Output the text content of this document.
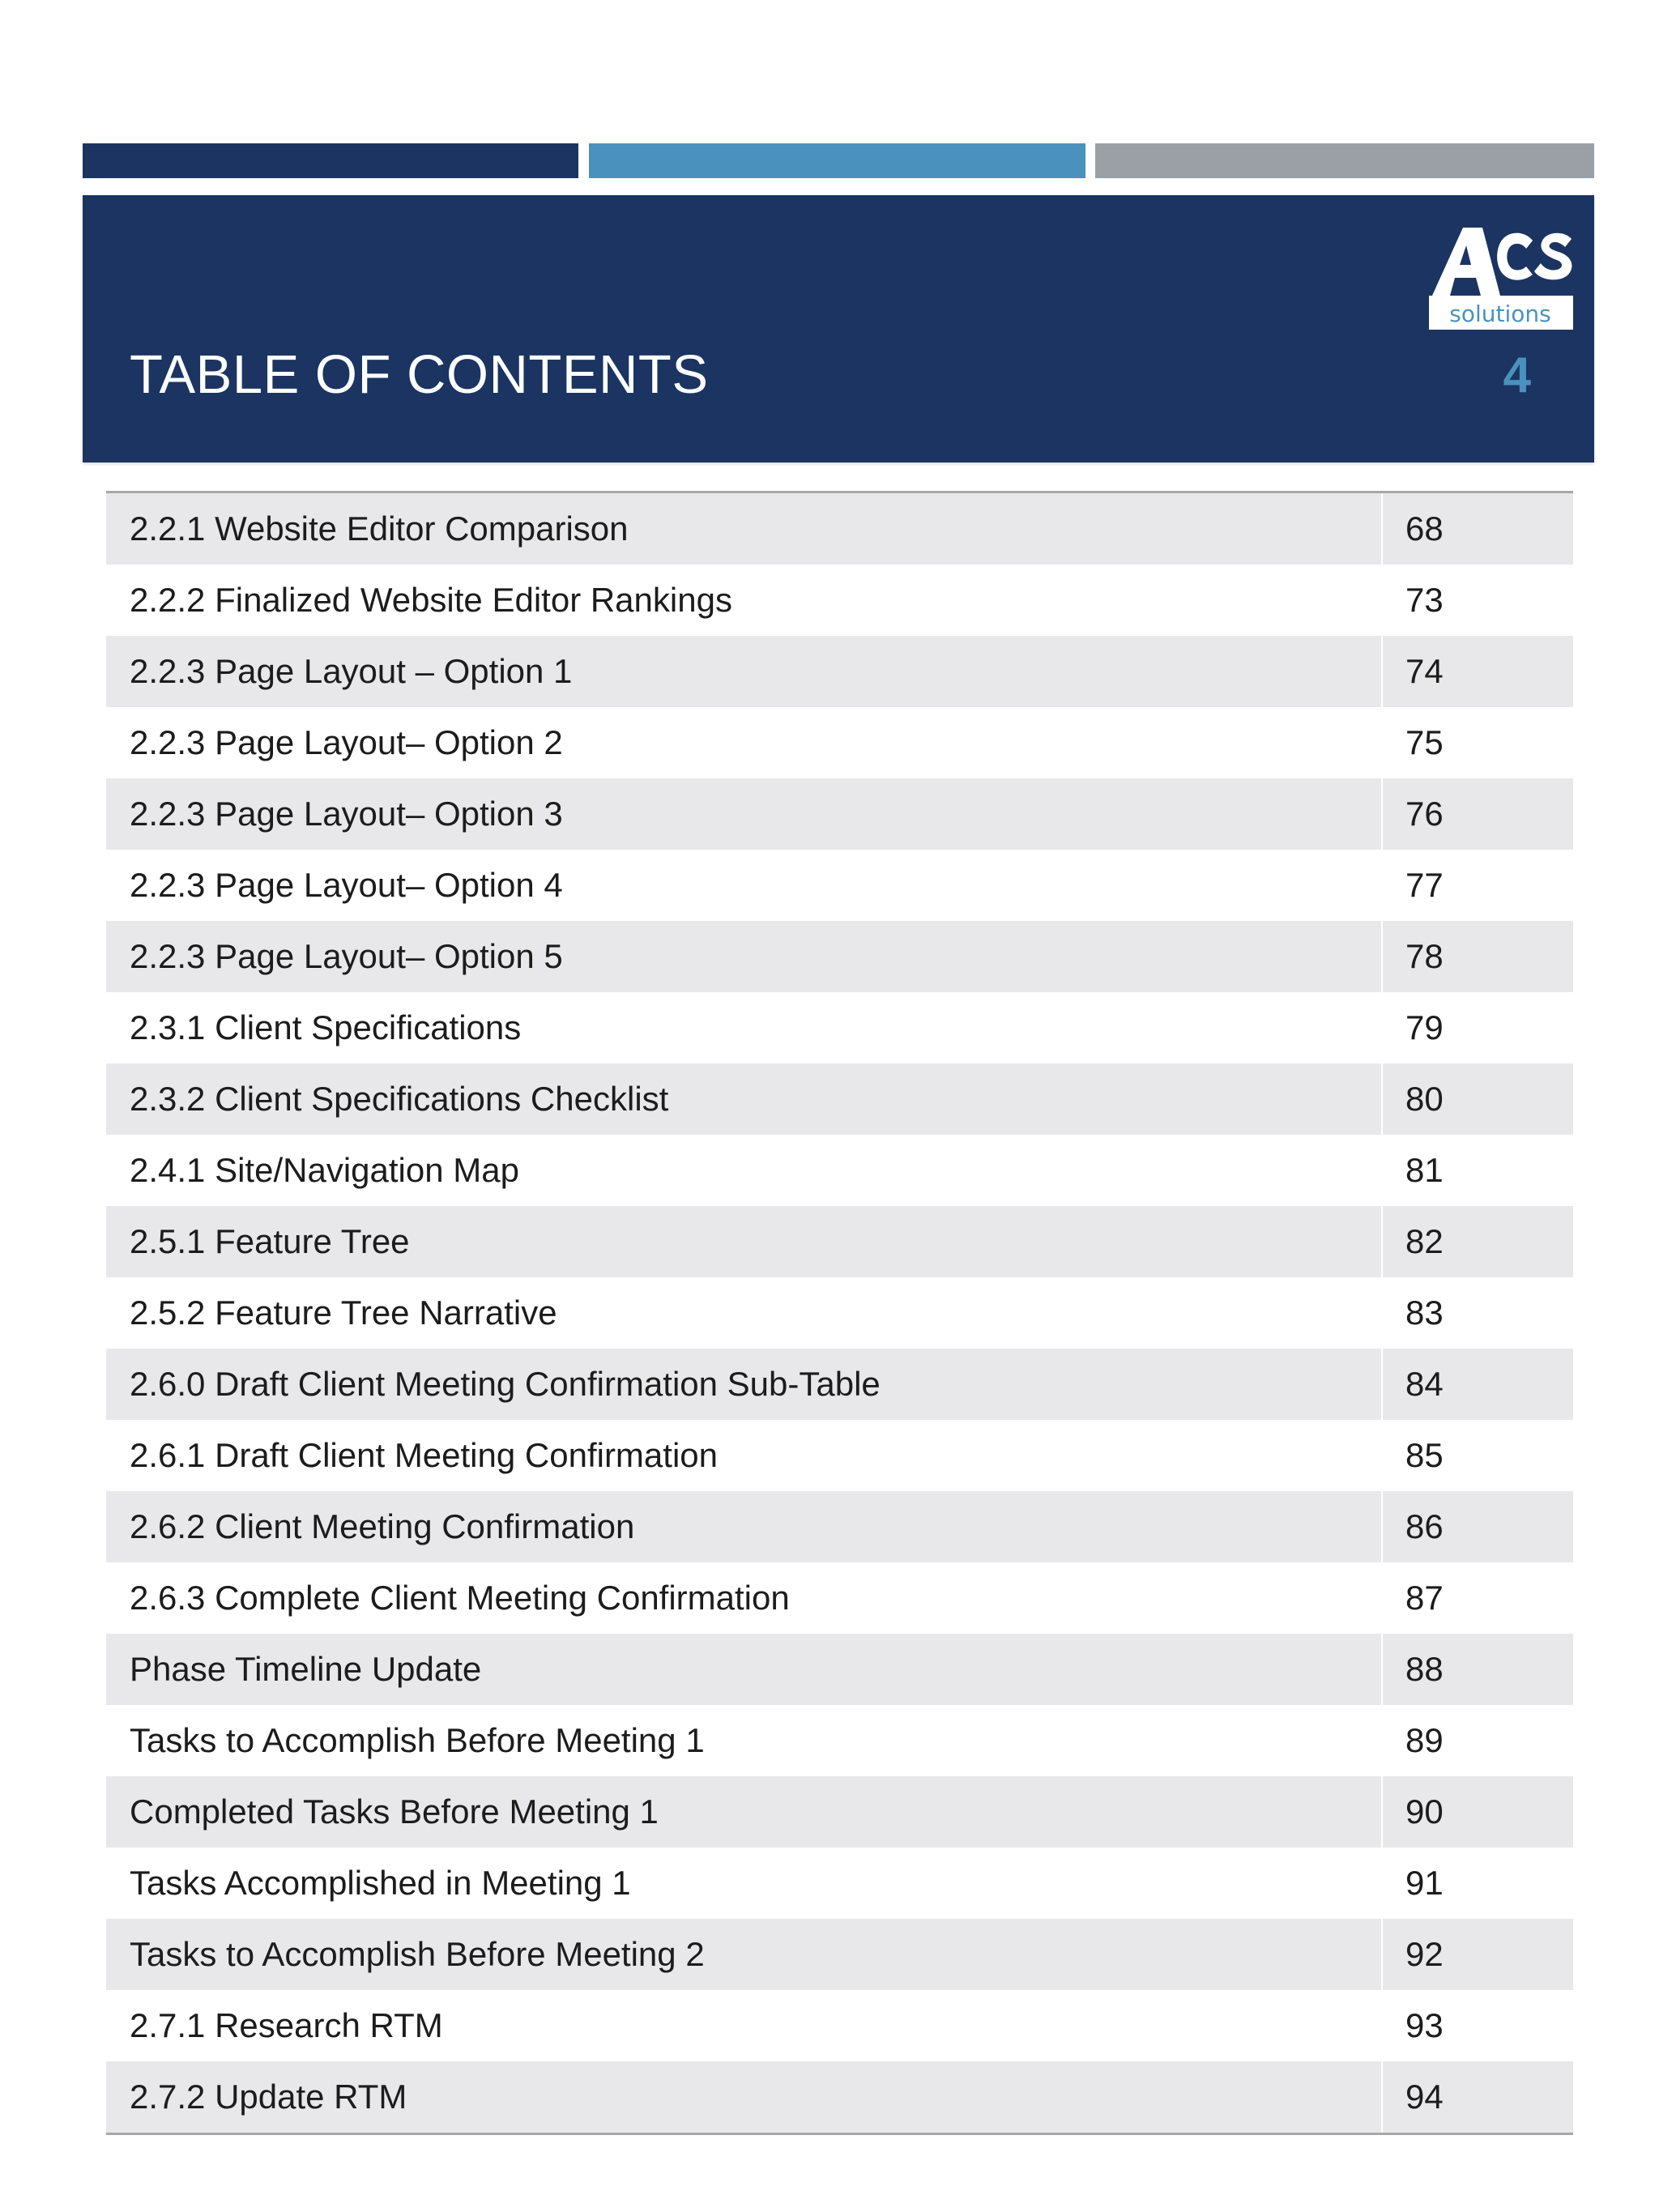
solutions
TABLE OF CONTENTS	4
2.2.1 Website Editor Comparison	68
2.2.2 Finalized Website Editor Rankings	73
2.2.3 Page Layout – Option 1	74
2.2.3 Page Layout– Option 2	75
2.2.3 Page Layout– Option 3	76
2.2.3 Page Layout– Option 4	77
2.2.3 Page Layout– Option 5	78
2.3.1 Client Specifications	79
2.3.2 Client Specifications Checklist	80
2.4.1 Site/Navigation Map	81
2.5.1 Feature Tree	82
2.5.2 Feature Tree Narrative	83
2.6.0 Draft Client Meeting Confirmation Sub-Table	84
2.6.1 Draft Client Meeting Confirmation	85
2.6.2 Client Meeting Confirmation	86
2.6.3 Complete Client Meeting Confirmation	87
Phase Timeline Update	88
Tasks to Accomplish Before Meeting 1	89
Completed Tasks Before Meeting 1	90
Tasks Accomplished in Meeting 1	91
Tasks to Accomplish Before Meeting 2	92
2.7.1 Research RTM	93
2.7.2 Update RTM	94
